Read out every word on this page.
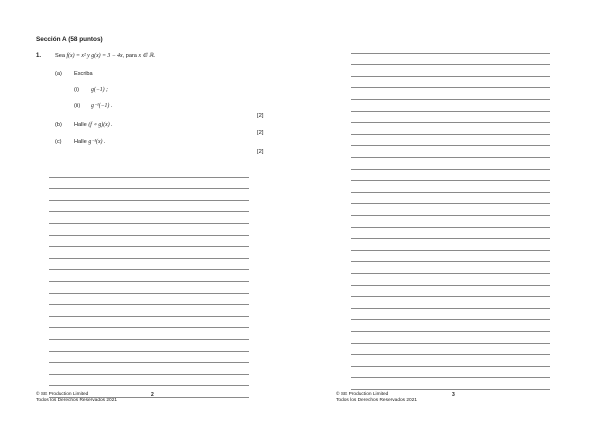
Sección A (58 puntos)
1. Sea f(x) = x² y g(x) = 3 − 4x, para x ∈ ℝ.
(a) Escriba
(i) g(−1) ;
(ii) g⁻¹(−1) .
[2]
(b) Halle (f ∘ g)(x) .
[2]
(c) Halle g⁻¹(x) .
[2]
© SE Production Limited
Todos los Derechos Reservados 2021
2	© SE Production Limited
Todos los Derechos Reservados 2021
3
